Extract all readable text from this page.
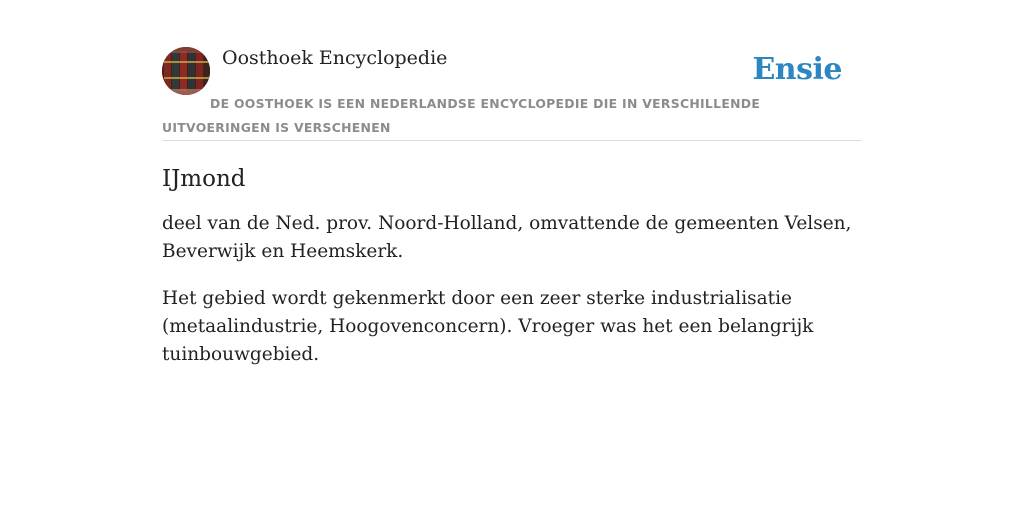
Oosthoek Encyclopedie	Ensie
DE OOSTHOEK IS EEN NEDERLANDSE ENCYCLOPEDIE DIE IN VERSCHILLENDE UITVOERINGEN IS VERSCHENEN
IJmond

deel van de Ned. prov. Noord-Holland, omvattende de gemeenten Velsen, Beverwijk en Heemskerk.

Het gebied wordt gekenmerkt door een zeer sterke industrialisatie (metaalindustrie, Hoogovenconcern). Vroeger was het een belangrijk tuinbouwgebied.
